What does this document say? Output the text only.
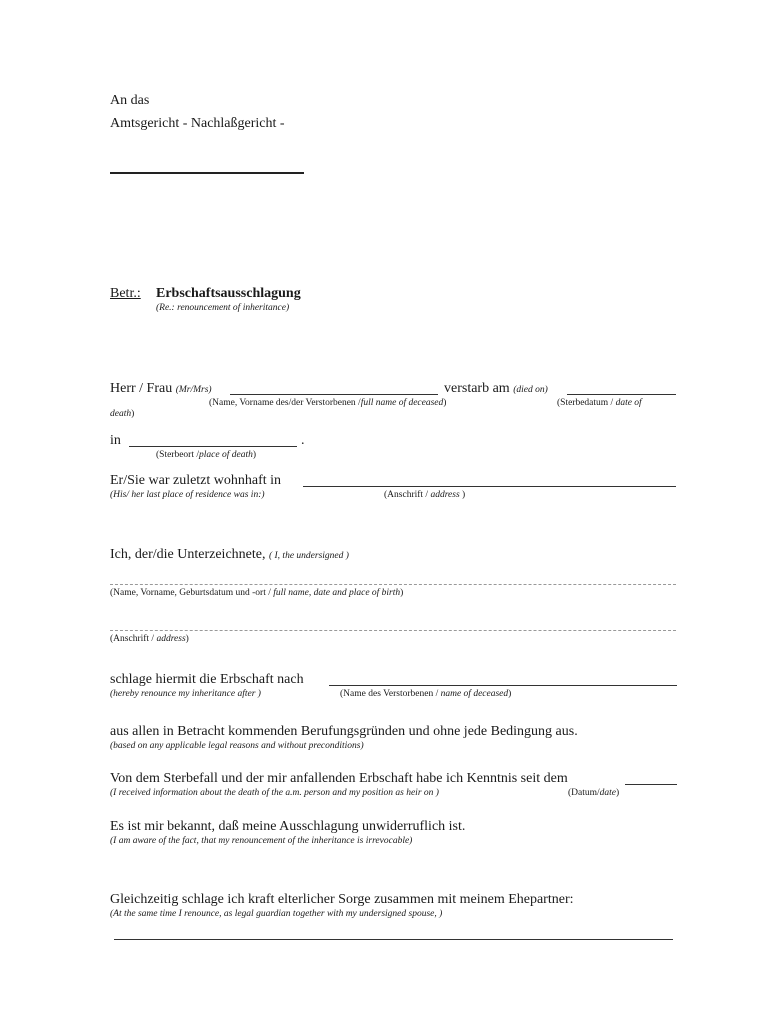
An das
Amtsgericht - Nachlaßgericht -
Betr.: Erbschaftsausschlagung
(Re.: renouncement of inheritance)
Herr / Frau (Mr/Mrs)	verstarb am (died on)
(Name, Vorname des/der Verstorbenen /full name of deceased)	(Sterbedatum / date of
death)
in	.
(Sterbeort /place of death)
Er/Sie war zuletzt wohnhaft in
(His/ her last place of residence was in:)	(Anschrift / address )
Ich, der/die Unterzeichnete, ( I, the undersigned )
(Name, Vorname, Geburtsdatum und -ort / full name, date and place of birth)
(Anschrift / address)
schlage hiermit die Erbschaft nach
(hereby renounce my inheritance after )	(Name des Verstorbenen / name of deceased)
aus allen in Betracht kommenden Berufungsgründen und ohne jede Bedingung aus.
(based on any applicable legal reasons and without preconditions)
Von dem Sterbefall und der mir anfallenden Erbschaft habe ich Kenntnis seit dem
(I received information about the death of the a.m. person and my position as heir on )	(Datum/date)
Es ist mir bekannt, daß meine Ausschlagung unwiderruflich ist.
(I am aware of the fact, that my renouncement of the inheritance is irrevocable)
Gleichzeitig schlage ich kraft elterlicher Sorge zusammen mit meinem Ehepartner:
(At the same time I renounce, as legal guardian together with my undersigned spouse, )
